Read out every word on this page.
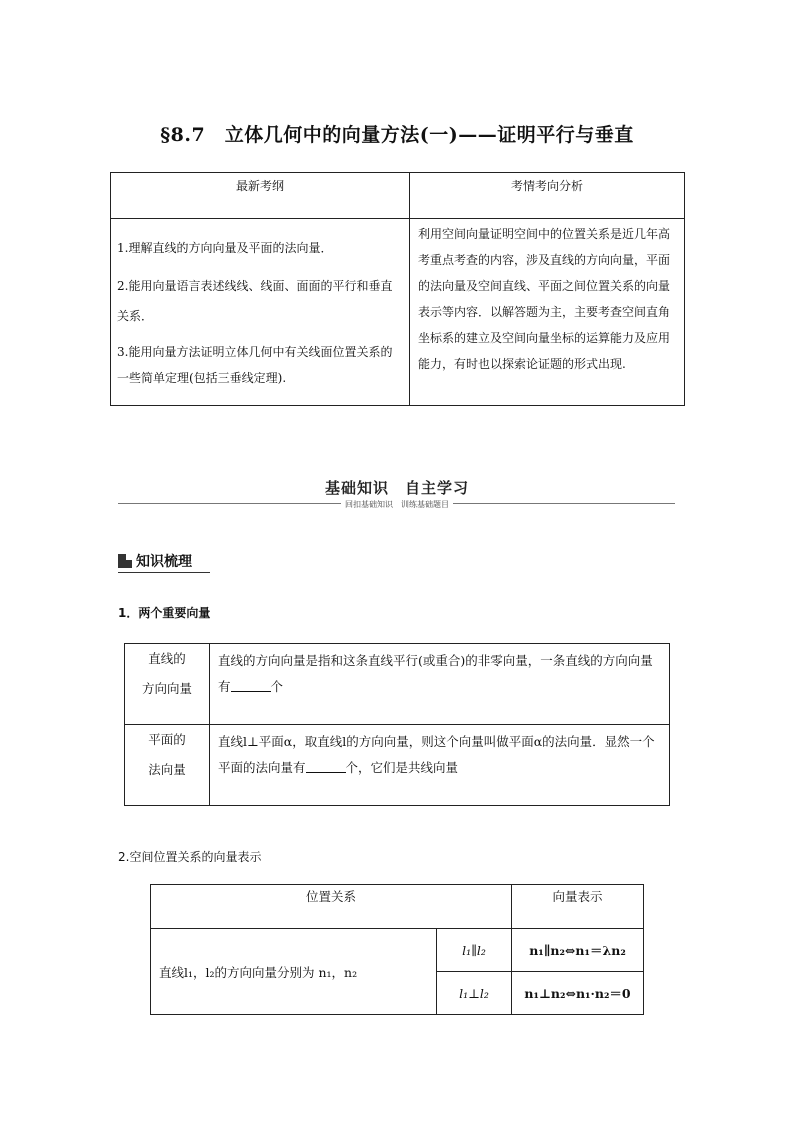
§8.7　立体几何中的向量方法(一)——证明平行与垂直
最新考纲	考情考向分析

1.理解直线的方向向量及平面的法向量．

2.能用向量语言表述线线、线面、面面的平行和垂直关系．

3.能用向量方法证明立体几何中有关线面位置关系的一些简单定理(包括三垂线定理).	利用空间向量证明空间中的位置关系是近几年高考重点考查的内容，涉及直线的方向向量，平面的法向量及空间直线、平面之间位置关系的向量表示等内容．以解答题为主，主要考查空间直角坐标系的建立及空间向量坐标的运算能力及应用能力，有时也以探索论证题的形式出现.
基础知识　自主学习
回扣基础知识　训练基础题目
知识梳理
1．两个重要向量
直线的
方向向量	直线的方向向量是指和这条直线平行(或重合)的非零向量，一条直线的方向向量有 个

平面的
法向量	直线l⊥平面α，取直线l的方向向量，则这个向量叫做平面α的法向量．显然一个平面的法向量有 个，它们是共线向量
2.空间位置关系的向量表示
位置关系		向量表示
直线l₁，l₂的方向向量分别为 n₁，n₂	l₁∥l₂	n₁∥n₂⇔n₁＝λn₂
	l₁⊥l₂	n₁⊥n₂⇔n₁·n₂＝0
